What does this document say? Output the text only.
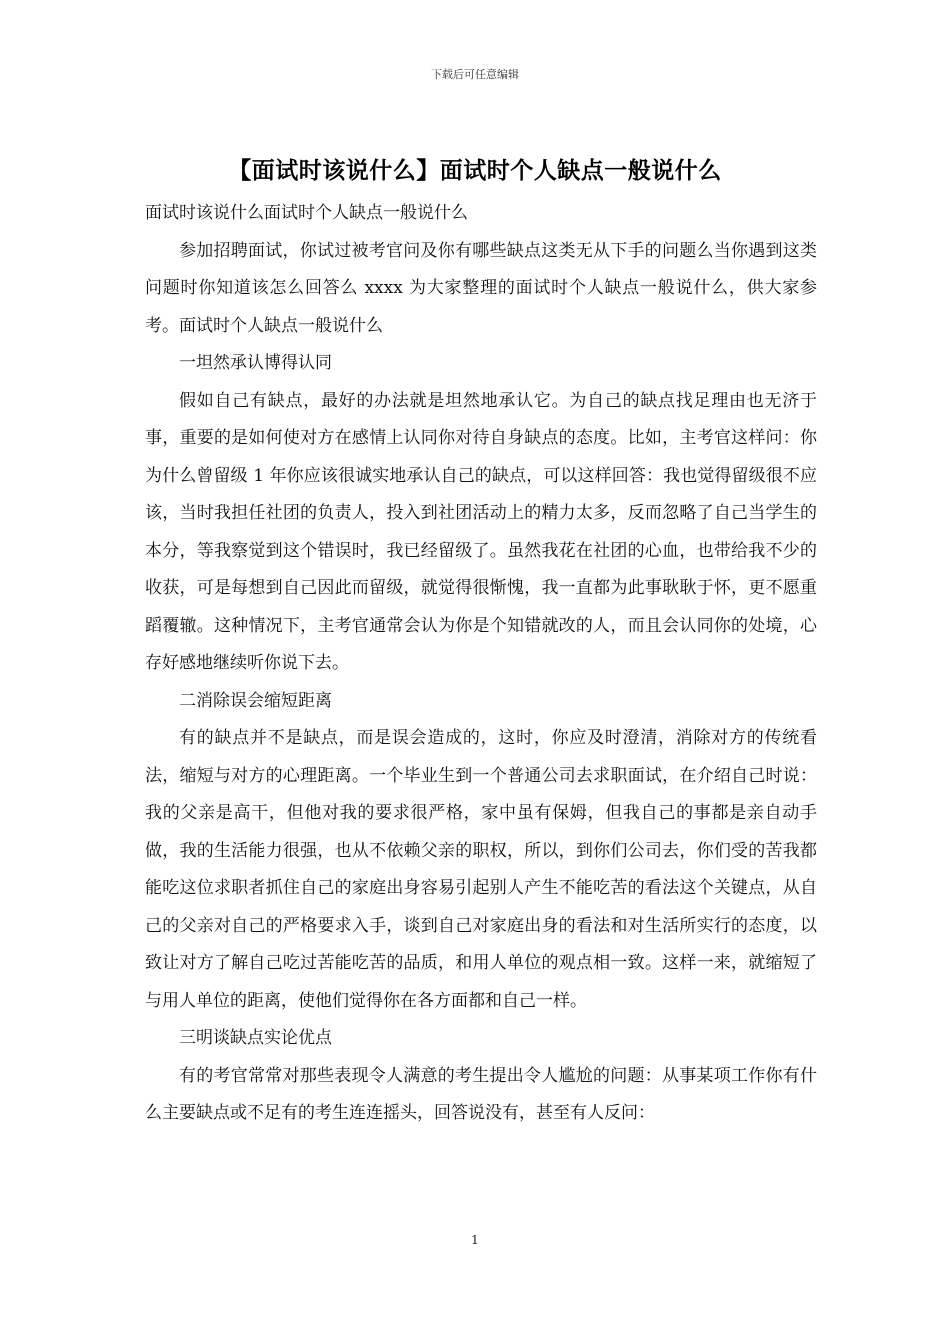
下载后可任意编辑
【面试时该说什么】面试时个人缺点一般说什么

面试时该说什么面试时个人缺点一般说什么

参加招聘面试，你试过被考官问及你有哪些缺点这类无从下手的问题么当你遇到这类问题时你知道该怎么回答么 xxxx 为大家整理的面试时个人缺点一般说什么，供大家参考。面试时个人缺点一般说什么

一坦然承认博得认同

假如自己有缺点，最好的办法就是坦然地承认它。为自己的缺点找足理由也无济于事，重要的是如何使对方在感情上认同你对待自身缺点的态度。比如，主考官这样问：你为什么曾留级 1 年你应该很诚实地承认自己的缺点，可以这样回答：我也觉得留级很不应该，当时我担任社团的负责人，投入到社团活动上的精力太多，反而忽略了自己当学生的本分，等我察觉到这个错误时，我已经留级了。虽然我花在社团的心血，也带给我不少的收获，可是每想到自己因此而留级，就觉得很惭愧，我一直都为此事耿耿于怀，更不愿重蹈覆辙。这种情况下，主考官通常会认为你是个知错就改的人，而且会认同你的处境，心存好感地继续听你说下去。

二消除误会缩短距离

有的缺点并不是缺点，而是误会造成的，这时，你应及时澄清，消除对方的传统看法，缩短与对方的心理距离。一个毕业生到一个普通公司去求职面试，在介绍自己时说：我的父亲是高干，但他对我的要求很严格，家中虽有保姆，但我自己的事都是亲自动手做，我的生活能力很强，也从不依赖父亲的职权，所以，到你们公司去，你们受的苦我都能吃这位求职者抓住自己的家庭出身容易引起别人产生不能吃苦的看法这个关键点，从自己的父亲对自己的严格要求入手，谈到自己对家庭出身的看法和对生活所实行的态度，以致让对方了解自己吃过苦能吃苦的品质，和用人单位的观点相一致。这样一来，就缩短了与用人单位的距离，使他们觉得你在各方面都和自己一样。

三明谈缺点实论优点

有的考官常常对那些表现令人满意的考生提出令人尴尬的问题：从事某项工作你有什么主要缺点或不足有的考生连连摇头，回答说没有，甚至有人反问：

1
